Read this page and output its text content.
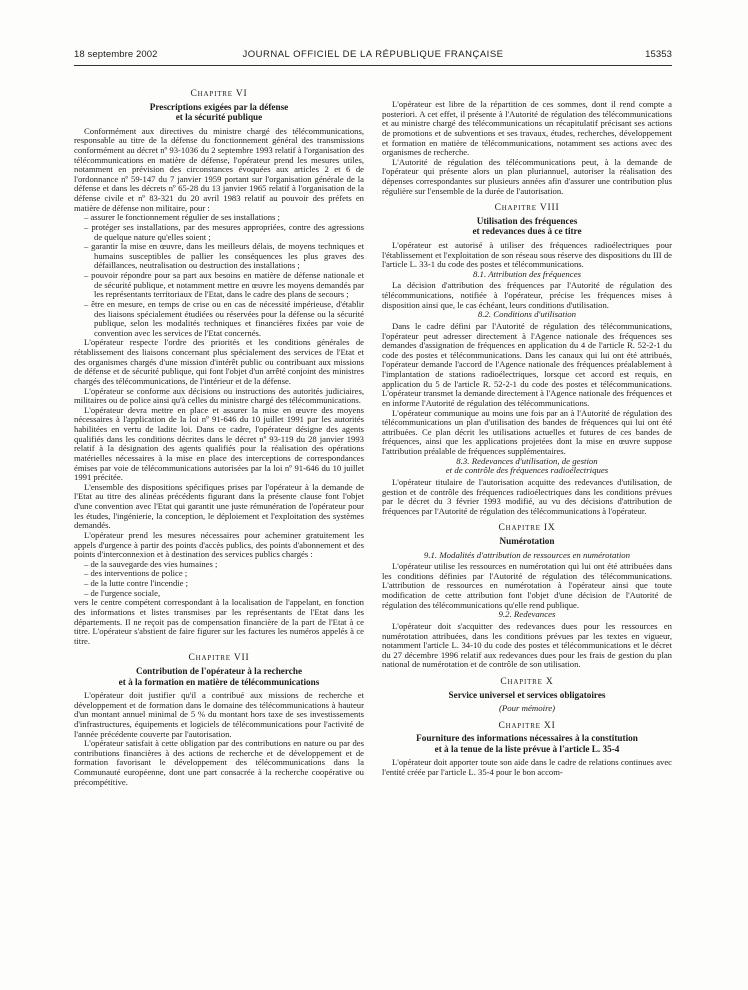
18 septembre 2002	JOURNAL OFFICIEL DE LA RÉPUBLIQUE FRANÇAISE	15353
Chapitre VI
Prescriptions exigées par la défense
et la sécurité publique

Conformément aux directives du ministre chargé des télécommunications, responsable au titre de la défense du fonctionnement général des transmissions conformément au décret nº 93-1036 du 2 septembre 1993 relatif à l'organisation des télécommunications en matière de défense, l'opérateur prend les mesures utiles, notamment en prévision des circonstances évoquées aux articles 2 et 6 de l'ordonnance nº 59-147 du 7 janvier 1959 portant sur l'organisation générale de la défense et dans les décrets nº 65-28 du 13 janvier 1965 relatif à l'organisation de la défense civile et nº 83-321 du 20 avril 1983 relatif au pouvoir des préfets en matière de défense non militaire, pour :

– assurer le fonctionnement régulier de ses installations ;

– protéger ses installations, par des mesures appropriées, contre des agressions de quelque nature qu'elles soient ;

– garantir la mise en œuvre, dans les meilleurs délais, de moyens techniques et humains susceptibles de pallier les conséquences les plus graves des défaillances, neutralisation ou destruction des installations ;

– pouvoir répondre pour sa part aux besoins en matière de défense nationale et de sécurité publique, et notamment mettre en œuvre les moyens demandés par les représentants territoriaux de l'Etat, dans le cadre des plans de secours ;

– être en mesure, en temps de crise ou en cas de nécessité impérieuse, d'établir des liaisons spécialement étudiées ou réservées pour la défense ou la sécurité publique, selon les modalités techniques et financières fixées par voie de convention avec les services de l'Etat concernés.

L'opérateur respecte l'ordre des priorités et les conditions générales de rétablissement des liaisons concernant plus spécialement des services de l'Etat et des organismes chargés d'une mission d'intérêt public ou contribuant aux missions de défense et de sécurité publique, qui font l'objet d'un arrêté conjoint des ministres chargés des télécommunications, de l'intérieur et de la défense.

L'opérateur se conforme aux décisions ou instructions des autorités judiciaires, militaires ou de police ainsi qu'à celles du ministre chargé des télécommunications.

L'opérateur devra mettre en place et assurer la mise en œuvre des moyens nécessaires à l'application de la loi nº 91-646 du 10 juillet 1991 par les autorités habilitées en vertu de ladite loi. Dans ce cadre, l'opérateur désigne des agents qualifiés dans les conditions décrites dans le décret nº 93-119 du 28 janvier 1993 relatif à la désignation des agents qualifiés pour la réalisation des opérations matérielles nécessaires à la mise en place des interceptions de correspondances émises par voie de télécommunications autorisées par la loi nº 91-646 du 10 juillet 1991 précitée.

L'ensemble des dispositions spécifiques prises par l'opérateur à la demande de l'Etat au titre des alinéas précédents figurant dans la présente clause font l'objet d'une convention avec l'Etat qui garantit une juste rémunération de l'opérateur pour les études, l'ingénierie, la conception, le déploiement et l'exploitation des systèmes demandés.

L'opérateur prend les mesures nécessaires pour acheminer gratuitement les appels d'urgence à partir des points d'accès publics, des points d'abonnement et des points d'interconnexion et à destination des services publics chargés :

– de la sauvegarde des vies humaines ;

– des interventions de police ;

– de la lutte contre l'incendie ;

– de l'urgence sociale,

vers le centre compétent correspondant à la localisation de l'appelant, en fonction des informations et listes transmises par les représentants de l'Etat dans les départements. Il ne reçoit pas de compensation financière de la part de l'Etat à ce titre. L'opérateur s'abstient de faire figurer sur les factures les numéros appelés à ce titre.

Chapitre VII
Contribution de l'opérateur à la recherche
et à la formation en matière de télécommunications

L'opérateur doit justifier qu'il a contribué aux missions de recherche et développement et de formation dans le domaine des télécommunications à hauteur d'un montant annuel minimal de 5 % du montant hors taxe de ses investissements d'infrastructures, équipements et logiciels de télécommunications pour l'activité de l'année précédente couverte par l'autorisation.

L'opérateur satisfait à cette obligation par des contributions en nature ou par des contributions financières à des actions de recherche et de développement et de formation favorisant le développement des télécommunications dans la Communauté européenne, dont une part consacrée à la recherche coopérative ou précompétitive.

L'opérateur est libre de la répartition de ces sommes, dont il rend compte a posteriori. A cet effet, il présente à l'Autorité de régulation des télécommunications et au ministre chargé des télécommunications un récapitulatif précisant ses actions de promotions et de subventions et ses travaux, études, recherches, développement et formation en matière de télécommunications, notamment ses actions avec des organismes de recherche.

L'Autorité de régulation des télécommunications peut, à la demande de l'opérateur qui présente alors un plan pluriannuel, autoriser la réalisation des dépenses correspondantes sur plusieurs années afin d'assurer une contribution plus régulière sur l'ensemble de la durée de l'autorisation.

Chapitre VIII
Utilisation des fréquences
et redevances dues à ce titre

L'opérateur est autorisé à utiliser des fréquences radioélectriques pour l'établissement et l'exploitation de son réseau sous réserve des dispositions du III de l'article L. 33-1 du code des postes et télécommunications.

8.1. Attribution des fréquences

La décision d'attribution des fréquences par l'Autorité de régulation des télécommunications, notifiée à l'opérateur, précise les fréquences mises à disposition ainsi que, le cas échéant, leurs conditions d'utilisation.

8.2. Conditions d'utilisation

Dans le cadre défini par l'Autorité de régulation des télécommunications, l'opérateur peut adresser directement à l'Agence nationale des fréquences ses demandes d'assignation de fréquences en application du 4 de l'article R. 52-2-1 du code des postes et télécommunications. Dans les canaux qui lui ont été attribués, l'opérateur demande l'accord de l'Agence nationale des fréquences préalablement à l'implantation de stations radioélectriques, lorsque cet accord est requis, en application du 5 de l'article R. 52-2-1 du code des postes et télécommunications. L'opérateur transmet la demande directement à l'Agence nationale des fréquences et en informe l'Autorité de régulation des télécommunications.

L'opérateur communique au moins une fois par an à l'Autorité de régulation des télécommunications un plan d'utilisation des bandes de fréquences qui lui ont été attribuées. Ce plan décrit les utilisations actuelles et futures de ces bandes de fréquences, ainsi que les applications projetées dont la mise en œuvre suppose l'attribution préalable de fréquences supplémentaires.

8.3. Redevances d'utilisation, de gestion
et de contrôle des fréquences radioélectriques

L'opérateur titulaire de l'autorisation acquitte des redevances d'utilisation, de gestion et de contrôle des fréquences radioélectriques dans les conditions prévues par le décret du 3 février 1993 modifié, au vu des décisions d'attribution de fréquences par l'Autorité de régulation des télécommunications à l'opérateur.

Chapitre IX
Numérotation
9.1. Modalités d'attribution de ressources en numérotation

L'opérateur utilise les ressources en numérotation qui lui ont été attribuées dans les conditions définies par l'Autorité de régulation des télécommunications. L'attribution de ressources en numérotation à l'opérateur ainsi que toute modification de cette attribution font l'objet d'une décision de l'Autorité de régulation des télécommunications qu'elle rend publique.

9.2. Redevances

L'opérateur doit s'acquitter des redevances dues pour les ressources en numérotation attribuées, dans les conditions prévues par les textes en vigueur, notamment l'article L. 34-10 du code des postes et télécommunications et le décret du 27 décembre 1996 relatif aux redevances dues pour les frais de gestion du plan national de numérotation et de contrôle de son utilisation.

Chapitre X
Service universel et services obligatoires
(Pour mémoire)
Chapitre XI
Fourniture des informations nécessaires à la constitution
et à la tenue de la liste prévue à l'article L. 35-4

L'opérateur doit apporter toute son aide dans le cadre de relations continues avec l'entité créée par l'article L. 35-4 pour le bon accom-
